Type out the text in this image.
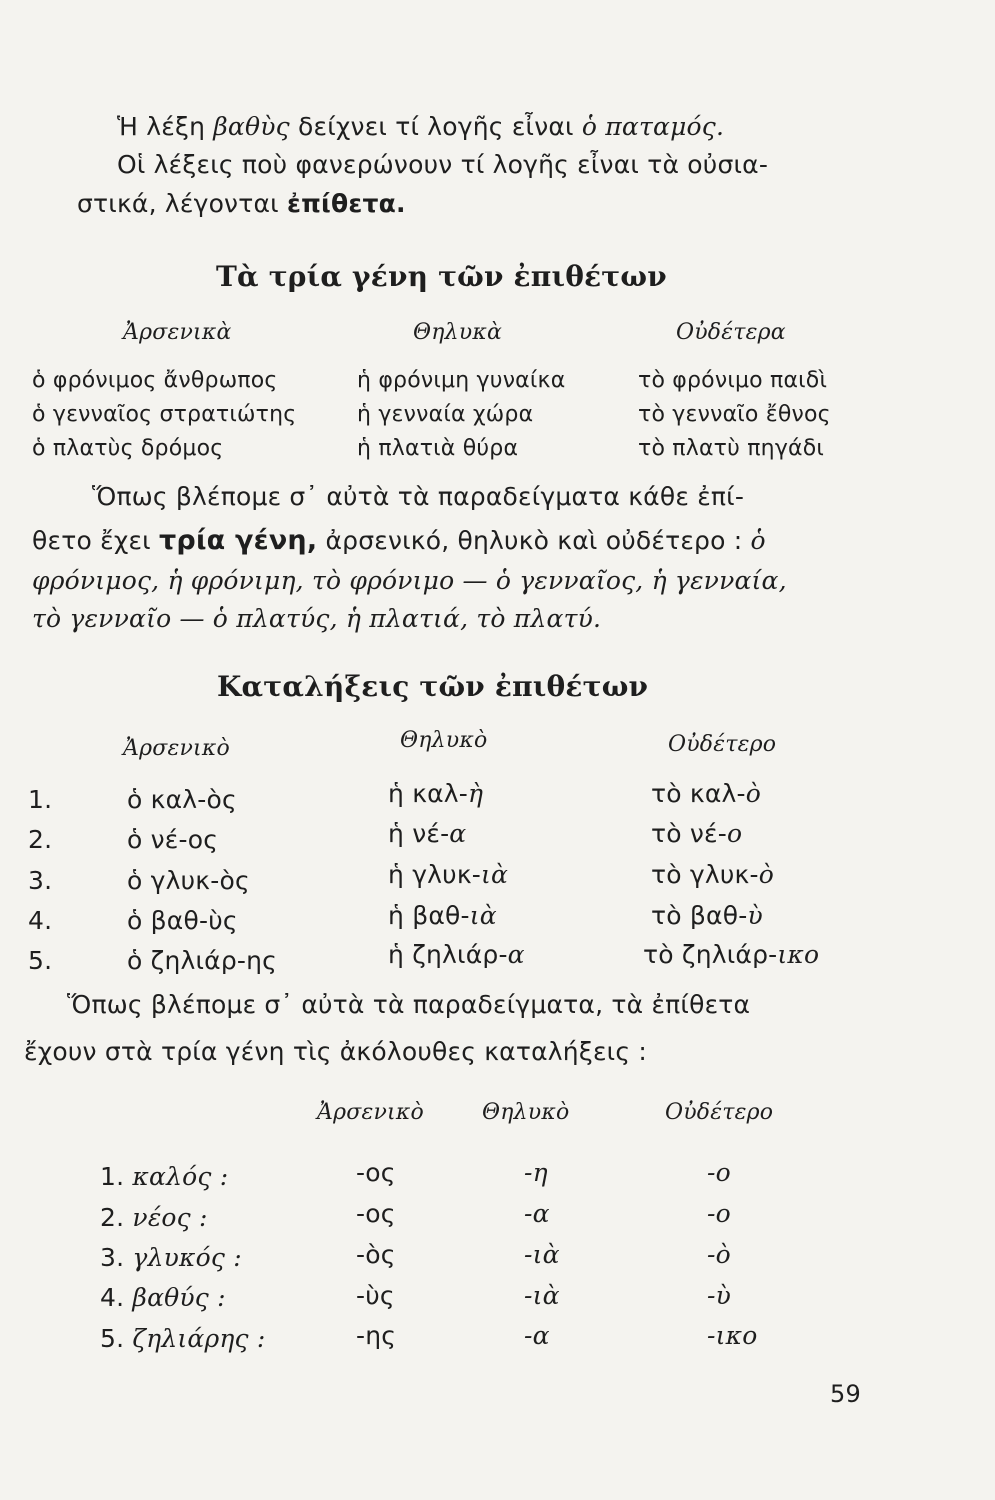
Ἡ λέξη βαθὺς δείχνει τί λογῆς εἶναι ὁ παταμός.
Οἱ λέξεις ποὺ φανερώνουν τί λογῆς εἶναι τὰ οὐσια-
στικά, λέγονται ἐπίθετα.
Τὰ τρία γένη τῶν ἐπιθέτων
Ἀρσενικὰ	Θηλυκὰ	Οὐδέτερα
ὁ φρόνιμος ἄνθρωπος	ἡ φρόνιμη γυναίκα	τὸ φρόνιμο παιδὶ
ὁ γενναῖος στρατιώτης	ἡ γενναία χώρα	τὸ γενναῖο ἔθνος
ὁ πλατὺς δρόμος	ἡ πλατιὰ θύρα	τὸ πλατὺ πηγάδι
Ὅπως βλέπομε σ᾽ αὐτὰ τὰ παραδείγματα κάθε ἐπί-
θετο ἔχει τρία γένη, ἀρσενικό, θηλυκὸ καὶ οὐδέτερο : ὁ
φρόνιμος, ἡ φρόνιμη, τὸ φρόνιμο — ὁ γενναῖος, ἡ γενναία,
τὸ γενναῖο — ὁ πλατύς, ἡ πλατιά, τὸ πλατύ.
Καταλήξεις τῶν ἐπιθέτων
Ἀρσενικὸ	Θηλυκὸ	Οὐδέτερο
1.	ὁ καλ-ὸς	ἡ καλ-ὴ	τὸ καλ-ὸ
2.	ὁ νέ-ος	ἡ νέ-α	τὸ νέ-ο
3.	ὁ γλυκ-ὸς	ἡ γλυκ-ιὰ	τὸ γλυκ-ὸ
4.	ὁ βαθ-ὺς	ἡ βαθ-ιὰ	τὸ βαθ-ὺ
5.	ὁ ζηλιάρ-ης	ἡ ζηλιάρ-α	τὸ ζηλιάρ-ικο
Ὅπως βλέπομε σ᾽ αὐτὰ τὰ παραδείγματα, τὰ ἐπίθετα
ἔχουν στὰ τρία γένη τὶς ἀκόλουθες καταλήξεις :
Ἀρσενικὸ	Θηλυκὸ	Οὐδέτερο
1. καλός :	-ος	-η	-ο
2. νέος :	-ος	-α	-ο
3. γλυκός :	-ὸς	-ιὰ	-ὸ
4. βαθύς :	-ὺς	-ιὰ	-ὺ
5. ζηλιάρης :	-ης	-α	-ικο
59
